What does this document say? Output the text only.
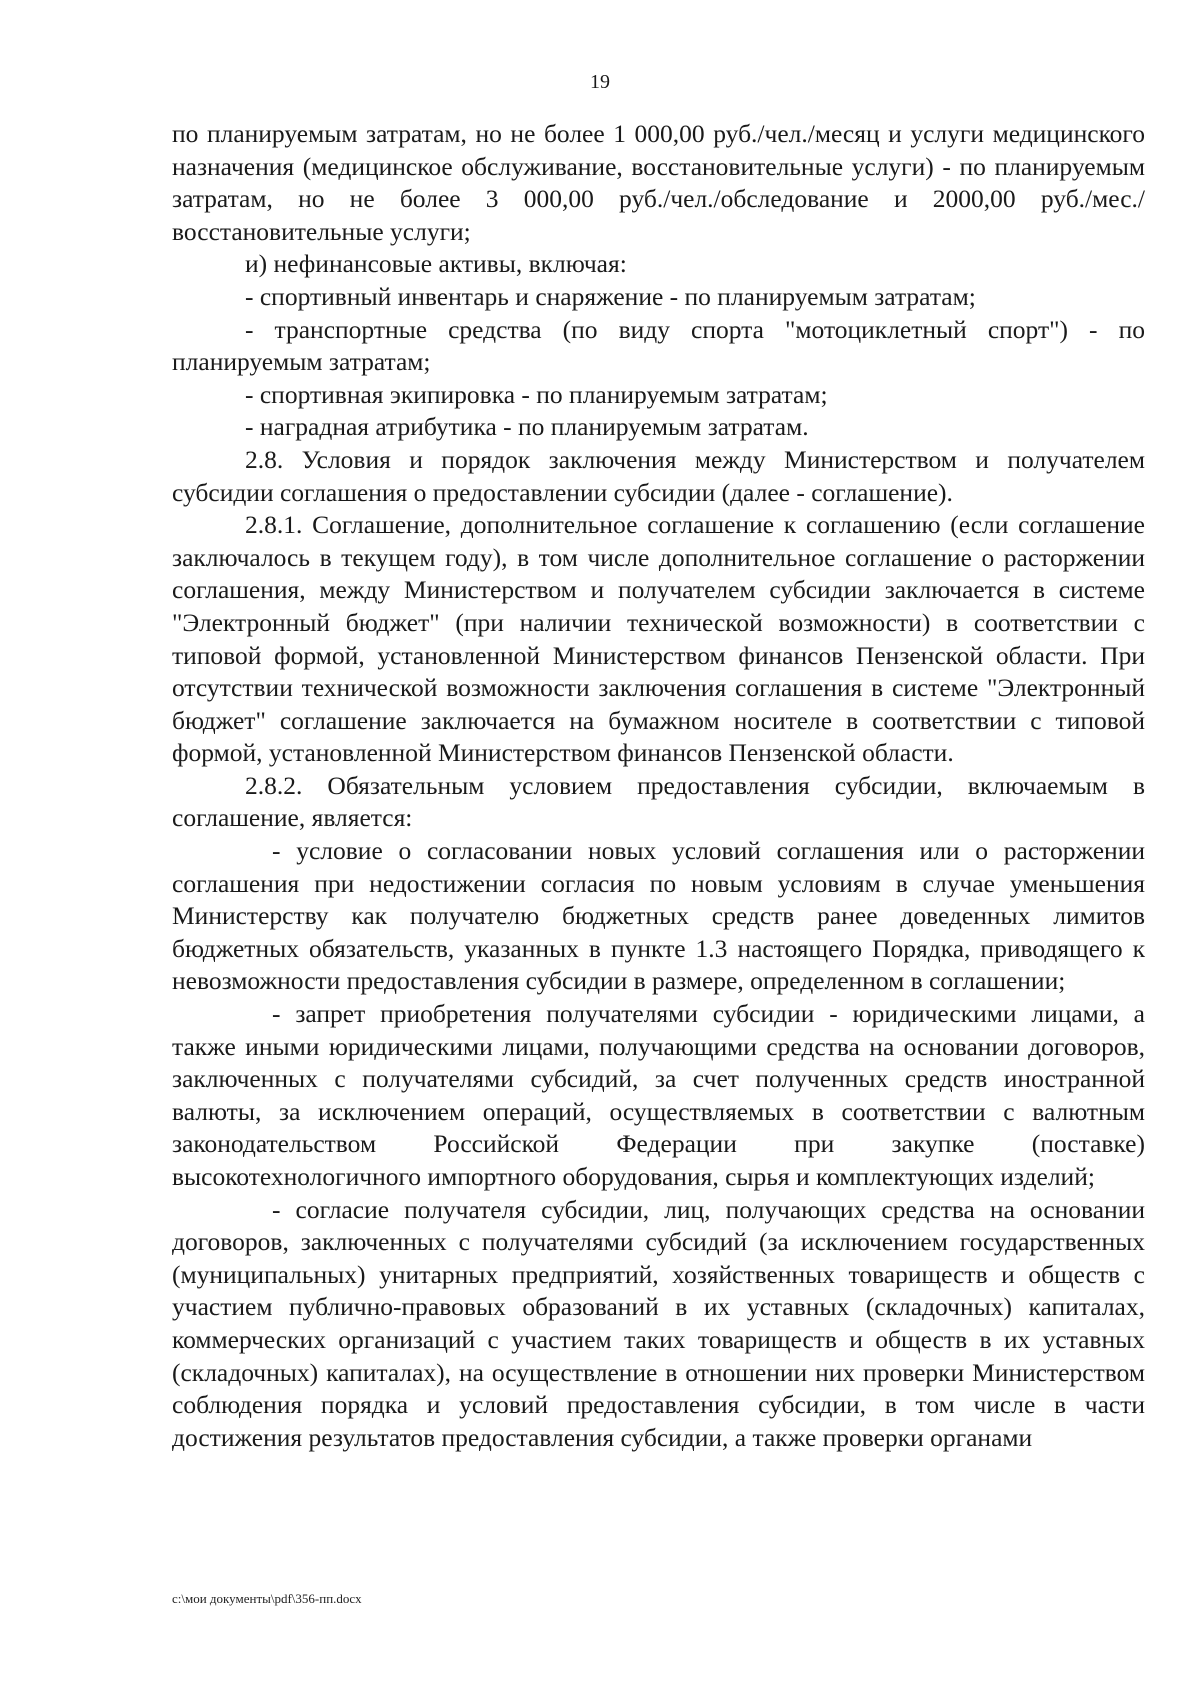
19

по планируемым затратам, но не более 1 000,00 руб./чел./месяц и услуги медицинского назначения (медицинское обслуживание, восстановительные услуги) - по планируемым затратам, но не более 3 000,00 руб./чел./обследование и 2000,00 руб./мес./восстановительные услуги;

и) нефинансовые активы, включая:

- спортивный инвентарь и снаряжение - по планируемым затратам;

- транспортные средства (по виду спорта "мотоциклетный спорт") - по планируемым затратам;

- спортивная экипировка - по планируемым затратам;

- наградная атрибутика - по планируемым затратам.

2.8. Условия и порядок заключения между Министерством и получателем субсидии соглашения о предоставлении субсидии (далее - соглашение).

2.8.1. Соглашение, дополнительное соглашение к соглашению (если соглашение заключалось в текущем году), в том числе дополнительное соглашение о расторжении соглашения, между Министерством и получателем субсидии заключается в системе "Электронный бюджет" (при наличии технической возможности) в соответствии с типовой формой, установленной Министерством финансов Пензенской области. При отсутствии технической возможности заключения соглашения в системе "Электронный бюджет" соглашение заключается на бумажном носителе в соответствии с типовой формой, установленной Министерством финансов Пензенской области.

2.8.2. Обязательным условием предоставления субсидии, включаемым в соглашение, является:

- условие о согласовании новых условий соглашения или о расторжении соглашения при недостижении согласия по новым условиям в случае уменьшения Министерству как получателю бюджетных средств ранее доведенных лимитов бюджетных обязательств, указанных в пункте 1.3 настоящего Порядка, приводящего к невозможности предоставления субсидии в размере, определенном в соглашении;

- запрет приобретения получателями субсидии - юридическими лицами, а также иными юридическими лицами, получающими средства на основании договоров, заключенных с получателями субсидий, за счет полученных средств иностранной валюты, за исключением операций, осуществляемых в соответствии с валютным законодательством Российской Федерации при закупке (поставке) высокотехнологичного импортного оборудования, сырья и комплектующих изделий;

- согласие получателя субсидии, лиц, получающих средства на основании договоров, заключенных с получателями субсидий (за исключением государственных (муниципальных) унитарных предприятий, хозяйственных товариществ и обществ с участием публично-правовых образований в их уставных (складочных) капиталах, коммерческих организаций с участием таких товариществ и обществ в их уставных (складочных) капиталах), на осуществление в отношении них проверки Министерством соблюдения порядка и условий предоставления субсидии, в том числе в части достижения результатов предоставления субсидии, а также проверки органами

c:\мои документы\pdf\356-пп.docx
